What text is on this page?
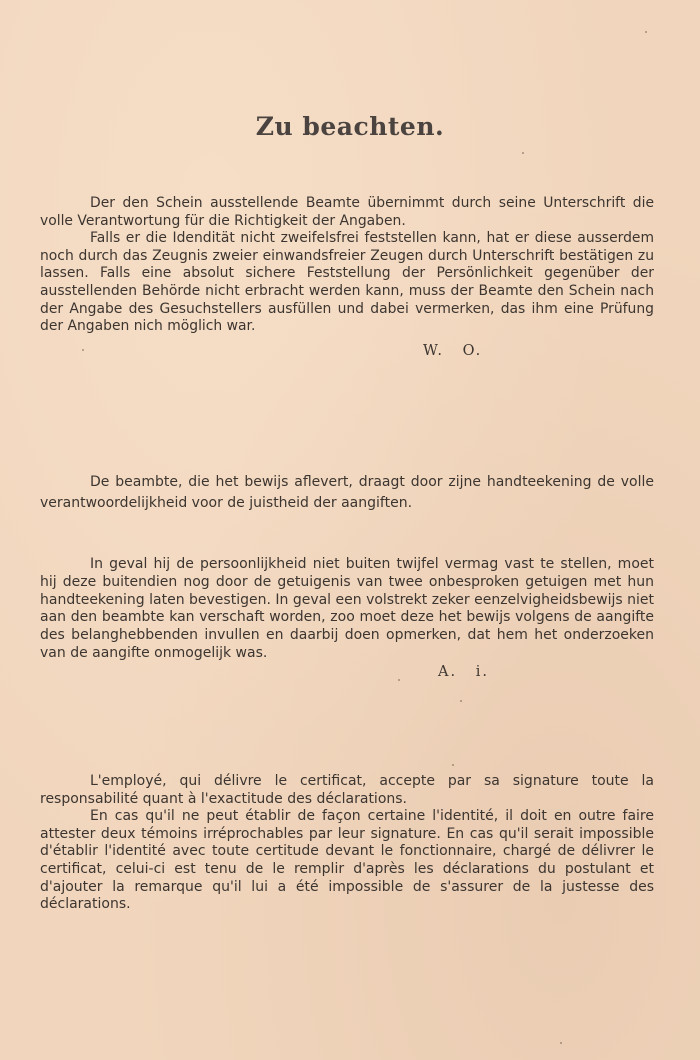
Zu beachten.

Der den Schein ausstellende Beamte übernimmt durch seine Unterschrift die volle Verantwortung für die Richtigkeit der Angaben.

Falls er die Idendität nicht zweifelsfrei feststellen kann, hat er diese ausserdem noch durch das Zeugnis zweier einwandsfreier Zeugen durch Unterschrift bestätigen zu lassen. Falls eine absolut sichere Feststellung der Persönlichkeit gegenüber der ausstellenden Behörde nicht erbracht werden kann, muss der Beamte den Schein nach der Angabe des Gesuchstellers ausfüllen und dabei vermerken, das ihm eine Prüfung der Angaben nich möglich war.

W. O.

De beambte, die het bewijs aflevert, draagt door zijne handteekening de volle verantwoordelijkheid voor de juistheid der aangiften.

In geval hij de persoonlijkheid niet buiten twijfel vermag vast te stellen, moet hij deze buitendien nog door de getuigenis van twee onbesproken getuigen met hun handteekening laten bevestigen. In geval een volstrekt zeker eenzelvigheidsbewijs niet aan den beambte kan verschaft worden, zoo moet deze het bewijs volgens de aangifte des belanghebbenden invullen en daarbij doen opmerken, dat hem het onderzoeken van de aangifte onmogelijk was.

A. i.

L'employé, qui délivre le certificat, accepte par sa signature toute la responsabilité quant à l'exactitude des déclarations.

En cas qu'il ne peut établir de façon certaine l'identité, il doit en outre faire attester deux témoins irréprochables par leur signature. En cas qu'il serait impossible d'établir l'identité avec toute certitude devant le fonctionnaire, chargé de délivrer le certificat, celui-ci est tenu de le remplir d'après les déclarations du postulant et d'ajouter la remarque qu'il lui a été impossible de s'assurer de la justesse des déclarations.
